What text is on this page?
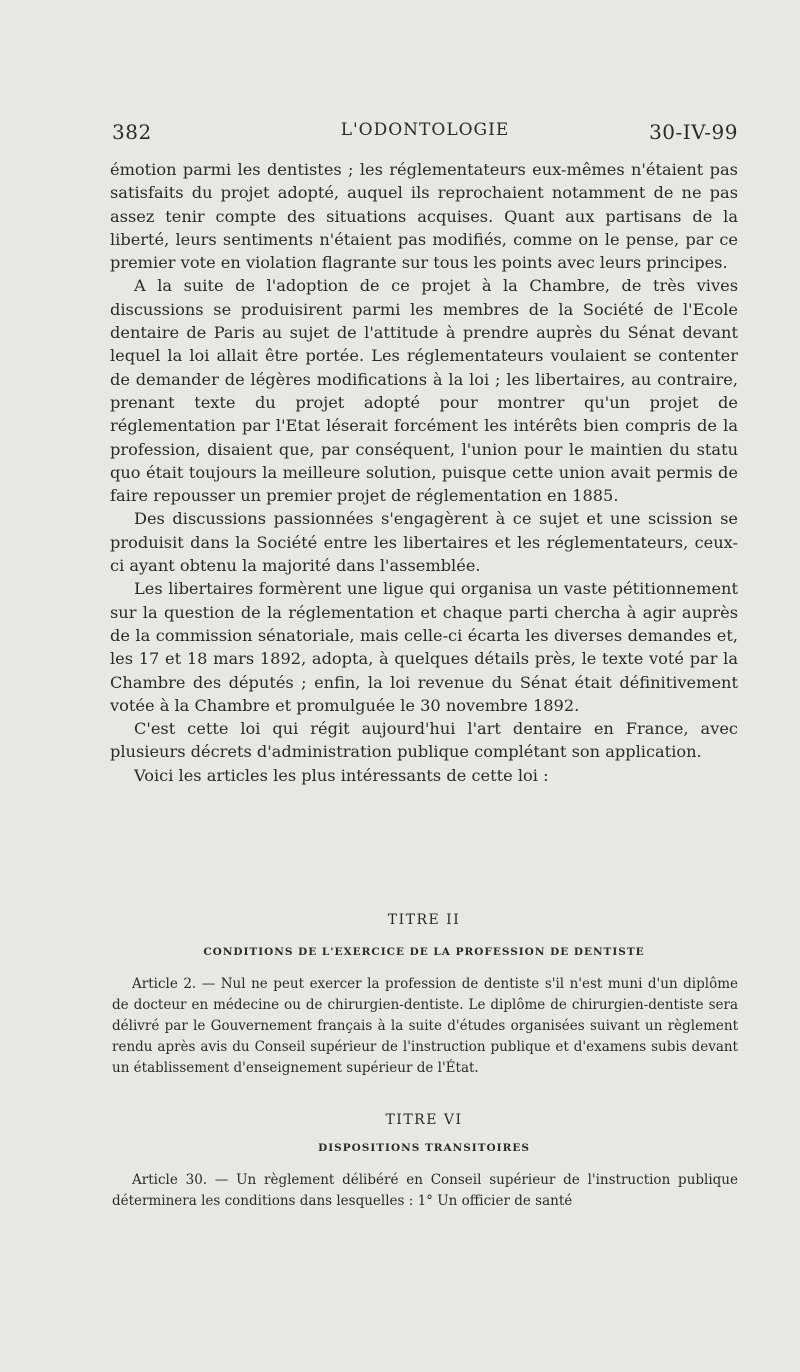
382	L'ODONTOLOGIE	30-IV-99

émotion parmi les dentistes ; les réglementateurs eux-mêmes n'étaient pas satisfaits du projet adopté, auquel ils reprochaient notamment de ne pas assez tenir compte des situations acquises. Quant aux partisans de la liberté, leurs sentiments n'étaient pas modifiés, comme on le pense, par ce premier vote en violation flagrante sur tous les points avec leurs principes.

A la suite de l'adoption de ce projet à la Chambre, de très vives discussions se produisirent parmi les membres de la Société de l'Ecole dentaire de Paris au sujet de l'attitude à prendre auprès du Sénat devant lequel la loi allait être portée. Les réglementateurs voulaient se contenter de demander de légères modifications à la loi ; les libertaires, au contraire, prenant texte du projet adopté pour montrer qu'un projet de réglementation par l'Etat léserait forcément les intérêts bien compris de la profession, disaient que, par conséquent, l'union pour le maintien du statu quo était toujours la meilleure solution, puisque cette union avait permis de faire repousser un premier projet de réglementation en 1885.

Des discussions passionnées s'engagèrent à ce sujet et une scission se produisit dans la Société entre les libertaires et les réglementateurs, ceux-ci ayant obtenu la majorité dans l'assemblée.

Les libertaires formèrent une ligue qui organisa un vaste pétitionnement sur la question de la réglementation et chaque parti chercha à agir auprès de la commission sénatoriale, mais celle-ci écarta les diverses demandes et, les 17 et 18 mars 1892, adopta, à quelques détails près, le texte voté par la Chambre des députés ; enfin, la loi revenue du Sénat était définitivement votée à la Chambre et promulguée le 30 novembre 1892.

C'est cette loi qui régit aujourd'hui l'art dentaire en France, avec plusieurs décrets d'administration publique complétant son application.

Voici les articles les plus intéressants de cette loi :

TITRE II
CONDITIONS DE L'EXERCICE DE LA PROFESSION DE DENTISTE

Article 2. — Nul ne peut exercer la profession de dentiste s'il n'est muni d'un diplôme de docteur en médecine ou de chirurgien-dentiste. Le diplôme de chirurgien-dentiste sera délivré par le Gouvernement français à la suite d'études organisées suivant un règlement rendu après avis du Conseil supérieur de l'instruction publique et d'examens subis devant un établissement d'enseignement supérieur de l'État.

TITRE VI
DISPOSITIONS TRANSITOIRES

Article 30. — Un règlement délibéré en Conseil supérieur de l'instruction publique déterminera les conditions dans lesquelles : 1° Un officier de santé
